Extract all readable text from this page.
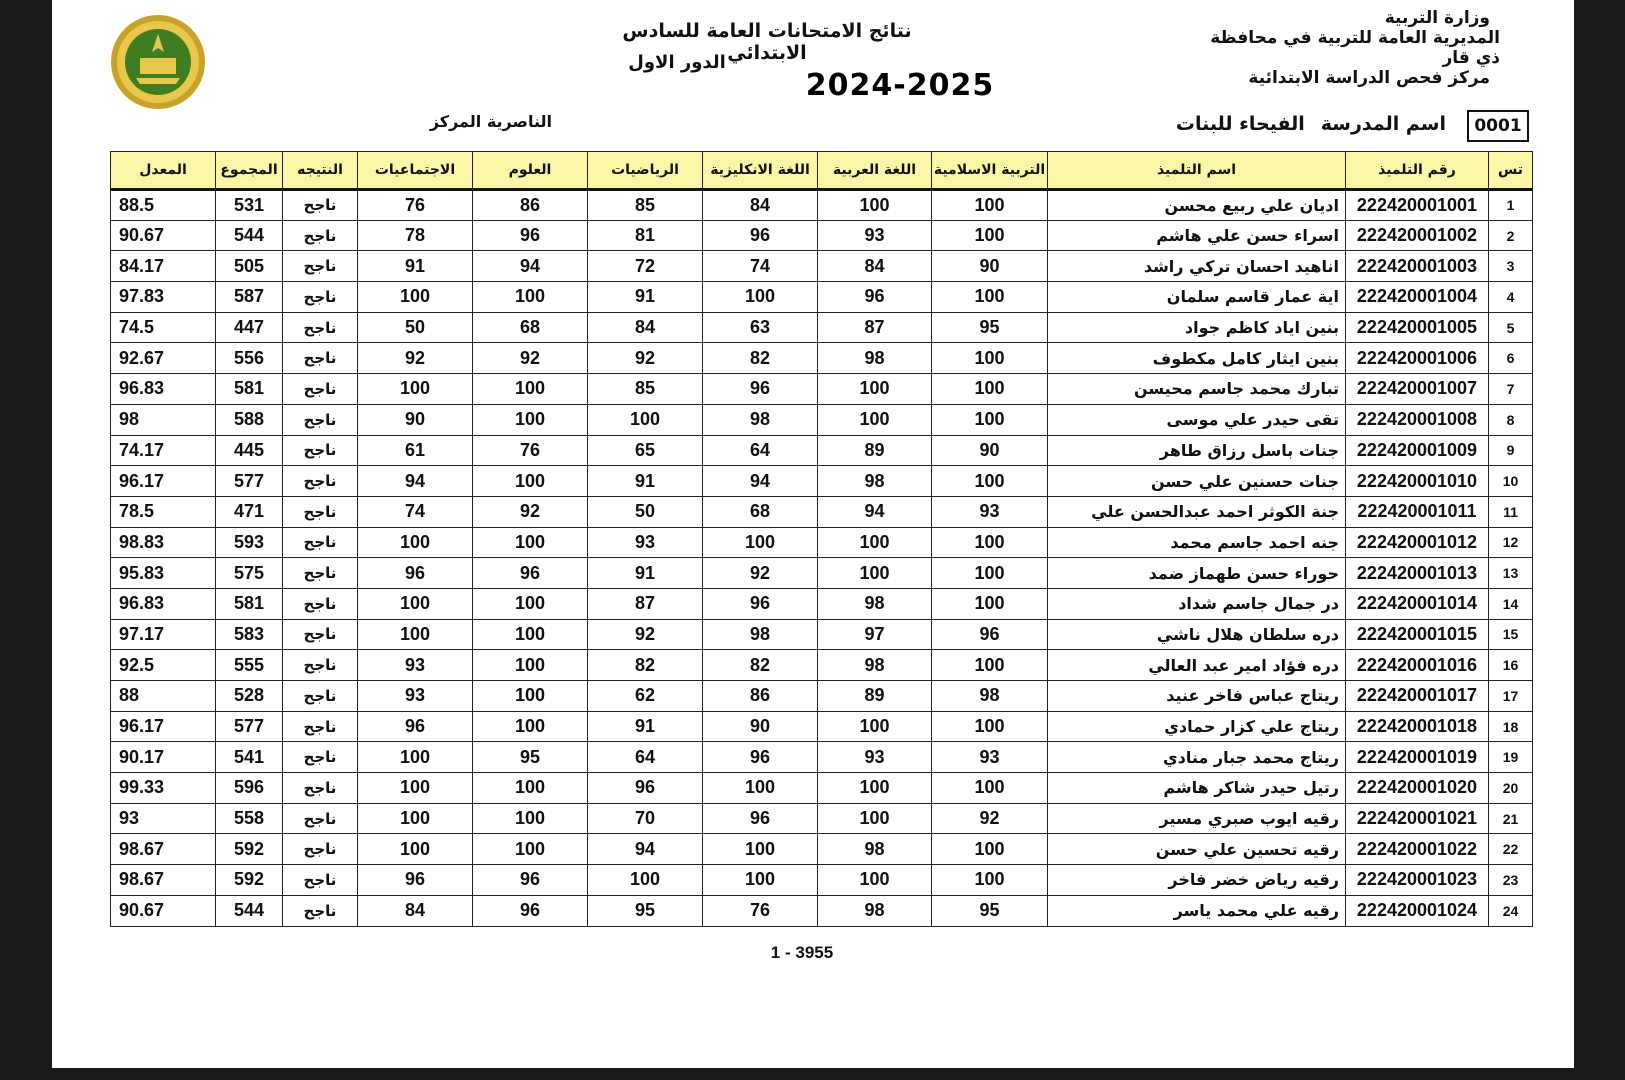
وزارة التربية
المديرية العامة للتربية في محافظة ذي قار
مركز فحص الدراسة الابتدائية
نتائج الامتحانات العامة للسادس الابتدائي
الدور الاول
2024-2025
الناصرية المركز	0001
اسم المدرسةالفيحاء للبنات
تس	رقم التلميذ	اسم التلميذ	التربية الاسلامية	اللغة العربية	اللغة الانكليزية	الرياضيات	العلوم	الاجتماعيات	النتيجه	المجموع	المعدل
1	222420001001	اديان علي ربيع محسن	100	100	84	85	86	76	ناجح	531	88.5
2	222420001002	اسراء حسن علي هاشم	100	93	96	81	96	78	ناجح	544	90.67
3	222420001003	اناهيد احسان تركي راشد	90	84	74	72	94	91	ناجح	505	84.17
4	222420001004	اية عمار قاسم سلمان	100	96	100	91	100	100	ناجح	587	97.83
5	222420001005	بنين اياد كاظم جواد	95	87	63	84	68	50	ناجح	447	74.5
6	222420001006	بنين ايثار كامل مكطوف	100	98	82	92	92	92	ناجح	556	92.67
7	222420001007	تبارك محمد جاسم محيسن	100	100	96	85	100	100	ناجح	581	96.83
8	222420001008	تقى حيدر علي موسى	100	100	98	100	100	90	ناجح	588	98
9	222420001009	جنات باسل رزاق طاهر	90	89	64	65	76	61	ناجح	445	74.17
10	222420001010	جنات حسنين علي حسن	100	98	94	91	100	94	ناجح	577	96.17
11	222420001011	جنة الكوثر احمد عبدالحسن علي	93	94	68	50	92	74	ناجح	471	78.5
12	222420001012	جنه احمد جاسم محمد	100	100	100	93	100	100	ناجح	593	98.83
13	222420001013	حوراء حسن طهماز ضمد	100	100	92	91	96	96	ناجح	575	95.83
14	222420001014	در جمال جاسم شداد	100	98	96	87	100	100	ناجح	581	96.83
15	222420001015	دره سلطان هلال ناشي	96	97	98	92	100	100	ناجح	583	97.17
16	222420001016	دره فؤاد امير عبد العالي	100	98	82	82	100	93	ناجح	555	92.5
17	222420001017	ريتاج عباس فاخر عنيد	98	89	86	62	100	93	ناجح	528	88
18	222420001018	ريتاج علي كزار حمادي	100	100	90	91	100	96	ناجح	577	96.17
19	222420001019	ريتاج محمد جبار منادي	93	93	96	64	95	100	ناجح	541	90.17
20	222420001020	رتيل حيدر شاكر هاشم	100	100	100	96	100	100	ناجح	596	99.33
21	222420001021	رقيه ايوب صبري مسير	92	100	96	70	100	100	ناجح	558	93
22	222420001022	رقيه تحسين علي حسن	100	98	100	94	100	100	ناجح	592	98.67
23	222420001023	رقيه رياض خضر فاخر	100	100	100	100	96	96	ناجح	592	98.67
24	222420001024	رقيه علي محمد ياسر	95	98	76	95	96	84	ناجح	544	90.67
1 - 3955
